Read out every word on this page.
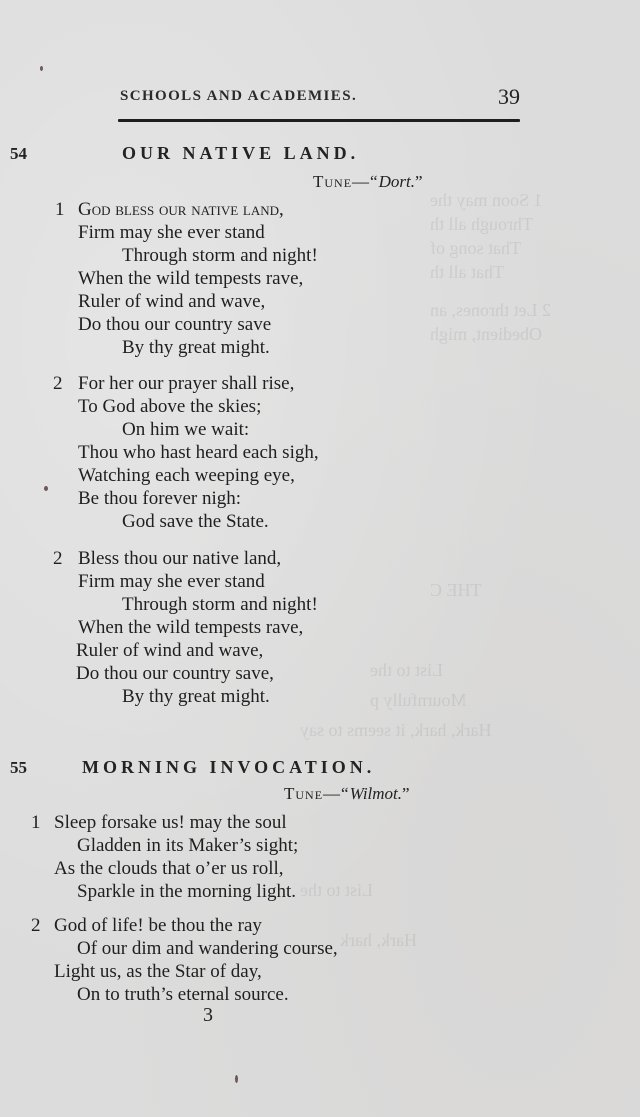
1 Soon may the
Through all th
That song of
That all th
2 Let thrones, an
Obedient, migh
THE C
List to the
Mournfully p
Hark, hark, it seems to say
List to the
Hark, hark
SCHOOLS AND ACADEMIES.	39
54	OUR NATIVE LAND.
Tune—“Dort.”
1 God bless our native land,
Firm may she ever stand
Through storm and night!
When the wild tempests rave,
Ruler of wind and wave,
Do thou our country save
By thy great might.
2 For her our prayer shall rise,
To God above the skies;
On him we wait:
Thou who hast heard each sigh,
Watching each weeping eye,
Be thou forever nigh:
God save the State.
2 Bless thou our native land,
Firm may she ever stand
Through storm and night!
When the wild tempests rave,
Ruler of wind and wave,
Do thou our country save,
By thy great might.
55	MORNING INVOCATION.
Tune—“Wilmot.”
1 Sleep forsake us! may the soul
Gladden in its Maker’s sight;
As the clouds that o’er us roll,
Sparkle in the morning light.
2 God of life! be thou the ray
Of our dim and wandering course,
Light us, as the Star of day,
On to truth’s eternal source.
3
